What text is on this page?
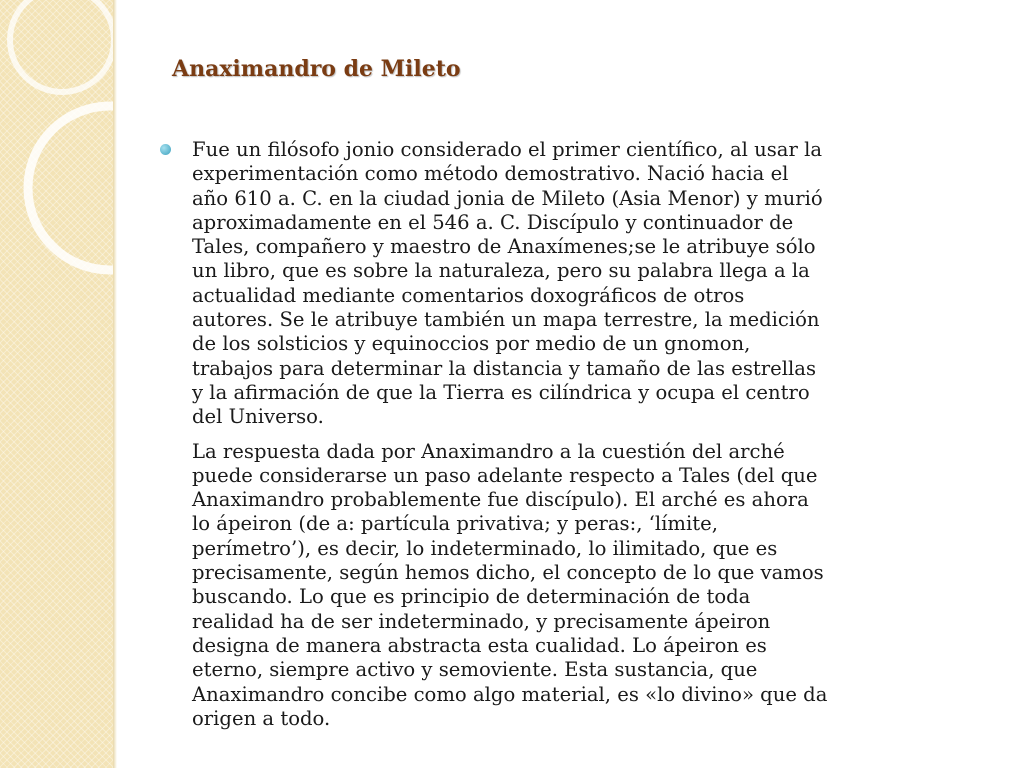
Anaximandro de Mileto
Fue un filósofo jonio considerado el primer científico, al usar la
experimentación como método demostrativo. Nació hacia el
año 610 a. C. en la ciudad jonia de Mileto (Asia Menor) y murió
aproximadamente en el 546 a. C. Discípulo y continuador de
Tales, compañero y maestro de Anaxímenes;se le atribuye sólo
un libro, que es sobre la naturaleza, pero su palabra llega a la
actualidad mediante comentarios doxográficos de otros
autores. Se le atribuye también un mapa terrestre, la medición
de los solsticios y equinoccios por medio de un gnomon,
trabajos para determinar la distancia y tamaño de las estrellas
y la afirmación de que la Tierra es cilíndrica y ocupa el centro
del Universo.
La respuesta dada por Anaximandro a la cuestión del arché
puede considerarse un paso adelante respecto a Tales (del que
Anaximandro probablemente fue discípulo). El arché es ahora
lo ápeiron (de a: partícula privativa; y peras:, ‘límite,
perímetro’), es decir, lo indeterminado, lo ilimitado, que es
precisamente, según hemos dicho, el concepto de lo que vamos
buscando. Lo que es principio de determinación de toda
realidad ha de ser indeterminado, y precisamente ápeiron
designa de manera abstracta esta cualidad. Lo ápeiron es
eterno, siempre activo y semoviente. Esta sustancia, que
Anaximandro concibe como algo material, es «lo divino» que da
origen a todo.
